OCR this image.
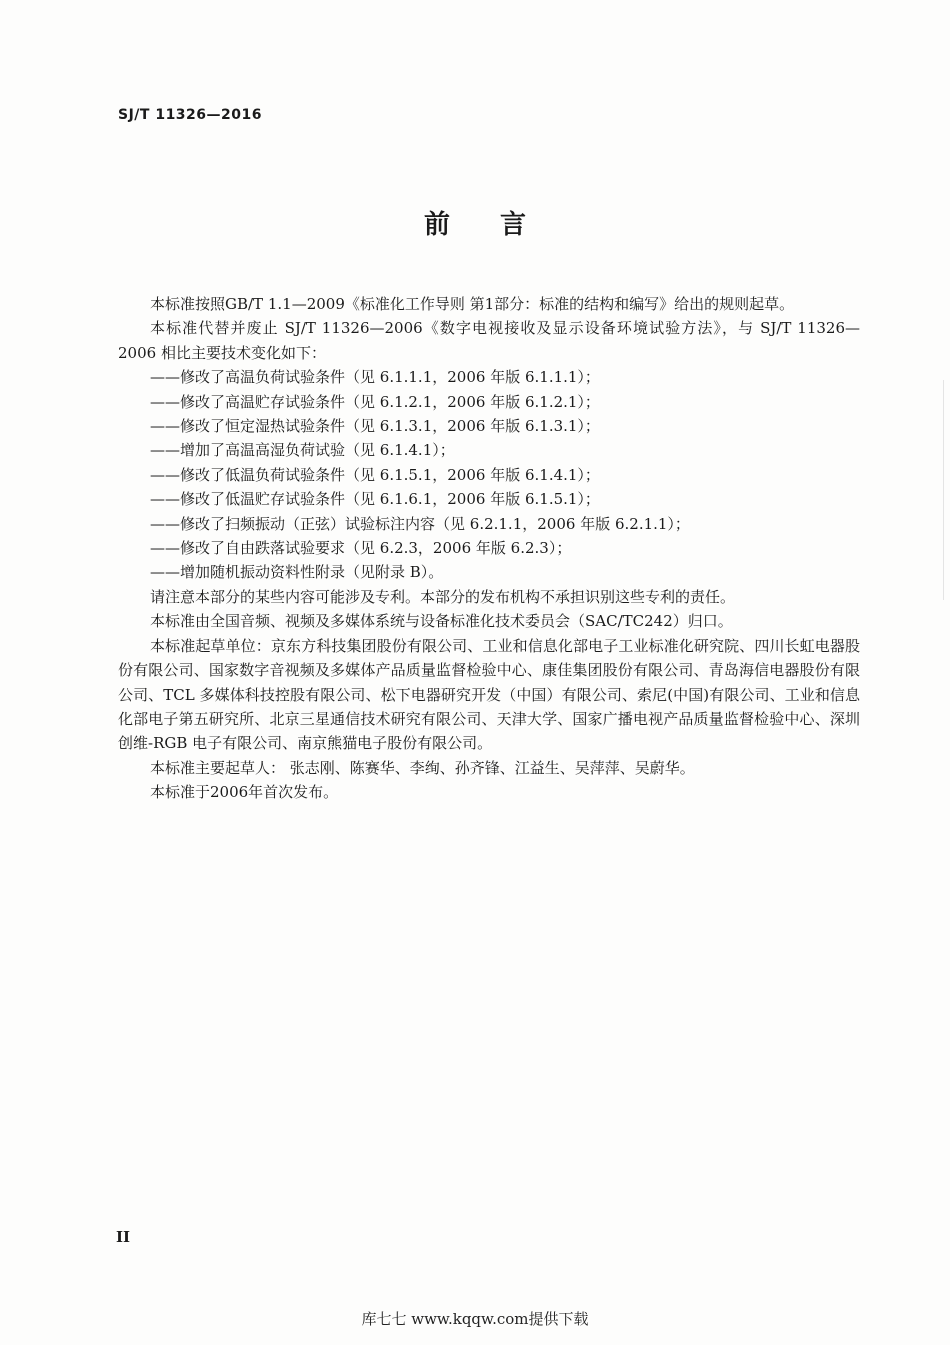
SJ/T 11326—2016
前言

本标准按照GB/T 1.1—2009《标准化工作导则 第1部分：标准的结构和编写》给出的规则起草。

本标准代替并废止 SJ/T 11326—2006《数字电视接收及显示设备环境试验方法》，与 SJ/T 11326—2006 相比主要技术变化如下：

——修改了高温负荷试验条件（见 6.1.1.1，2006 年版 6.1.1.1）；

——修改了高温贮存试验条件（见 6.1.2.1，2006 年版 6.1.2.1）；

——修改了恒定湿热试验条件（见 6.1.3.1，2006 年版 6.1.3.1）；

——增加了高温高湿负荷试验（见 6.1.4.1）；

——修改了低温负荷试验条件（见 6.1.5.1，2006 年版 6.1.4.1）；

——修改了低温贮存试验条件（见 6.1.6.1，2006 年版 6.1.5.1）；

——修改了扫频振动（正弦）试验标注内容（见 6.2.1.1，2006 年版 6.2.1.1）；

——修改了自由跌落试验要求（见 6.2.3，2006 年版 6.2.3）；

——增加随机振动资料性附录（见附录 B）。

请注意本部分的某些内容可能涉及专利。本部分的发布机构不承担识别这些专利的责任。

本标准由全国音频、视频及多媒体系统与设备标准化技术委员会（SAC/TC242）归口。

本标准起草单位：京东方科技集团股份有限公司、工业和信息化部电子工业标准化研究院、四川长虹电器股份有限公司、国家数字音视频及多媒体产品质量监督检验中心、康佳集团股份有限公司、青岛海信电器股份有限公司、TCL 多媒体科技控股有限公司、松下电器研究开发（中国）有限公司、索尼(中国)有限公司、工业和信息化部电子第五研究所、北京三星通信技术研究有限公司、天津大学、国家广播电视产品质量监督检验中心、深圳创维-RGB 电子有限公司、南京熊猫电子股份有限公司。

本标准主要起草人： 张志刚、陈赛华、李绚、孙齐锋、江益生、吴萍萍、吴蔚华。

本标准于2006年首次发布。

II
库七七 www.kqqw.com提供下载
